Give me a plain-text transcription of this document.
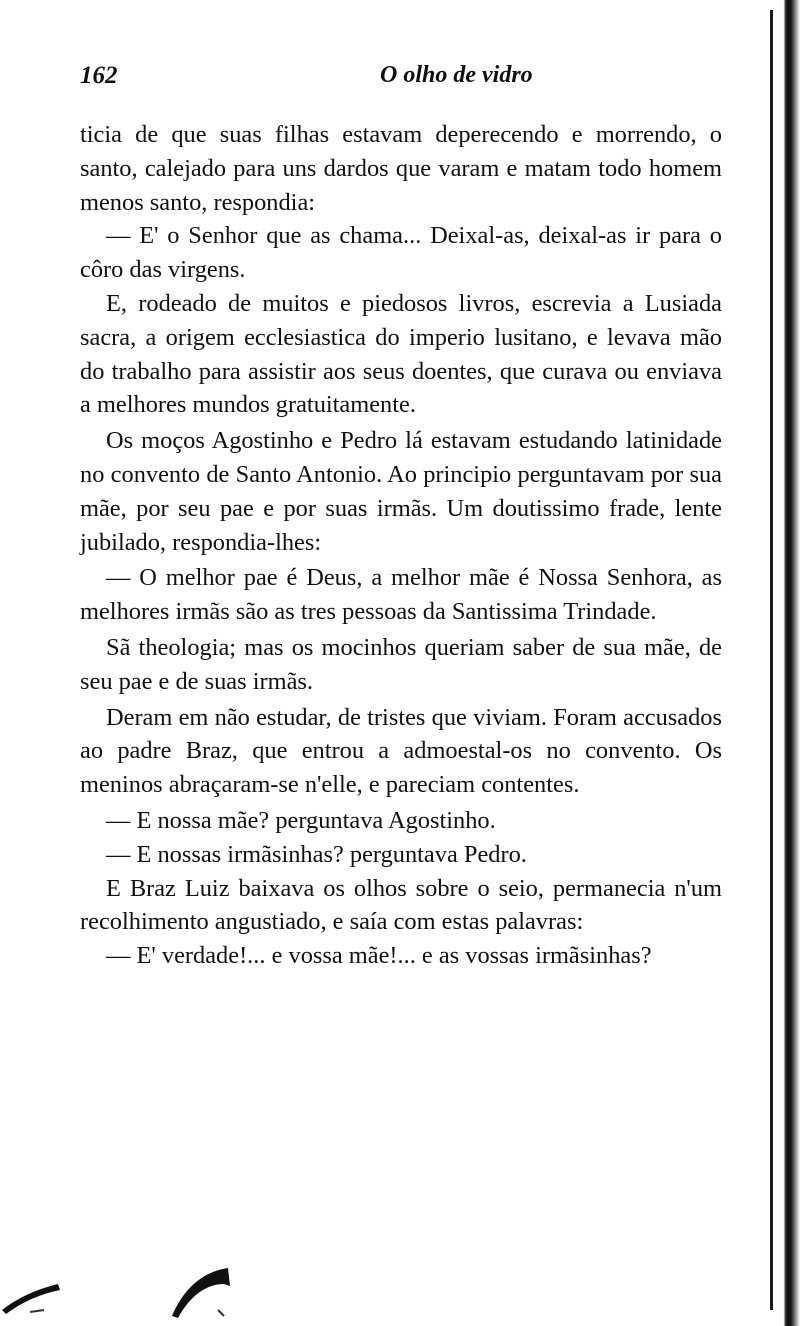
162	O olho de vidro

ticia de que suas filhas estavam deperecendo e morrendo, o santo, calejado para uns dardos que varam e matam todo homem menos santo, respondia:

— E' o Senhor que as chama... Deixal-as, deixal-as ir para o côro das virgens.

E, rodeado de muitos e piedosos livros, escrevia a Lusiada sacra, a origem ecclesiastica do imperio lusitano, e levava mão do trabalho para assistir aos seus doentes, que curava ou enviava a melhores mundos gratuitamente.

Os moços Agostinho e Pedro lá estavam estudando latinidade no convento de Santo Antonio. Ao principio perguntavam por sua mãe, por seu pae e por suas irmãs. Um doutissimo frade, lente jubilado, respondia-lhes:

— O melhor pae é Deus, a melhor mãe é Nossa Senhora, as melhores irmãs são as tres pessoas da Santissima Trindade.

Sã theologia; mas os mocinhos queriam saber de sua mãe, de seu pae e de suas irmãs.

Deram em não estudar, de tristes que viviam. Foram accusados ao padre Braz, que entrou a admoestal-os no convento. Os meninos abraçaram-se n'elle, e pareciam contentes.

— E nossa mãe? perguntava Agostinho.

— E nossas irmãsinhas? perguntava Pedro.

E Braz Luiz baixava os olhos sobre o seio, permanecia n'um recolhimento angustiado, e saía com estas palavras:

— E' verdade!... e vossa mãe!... e as vossas irmãsinhas?
